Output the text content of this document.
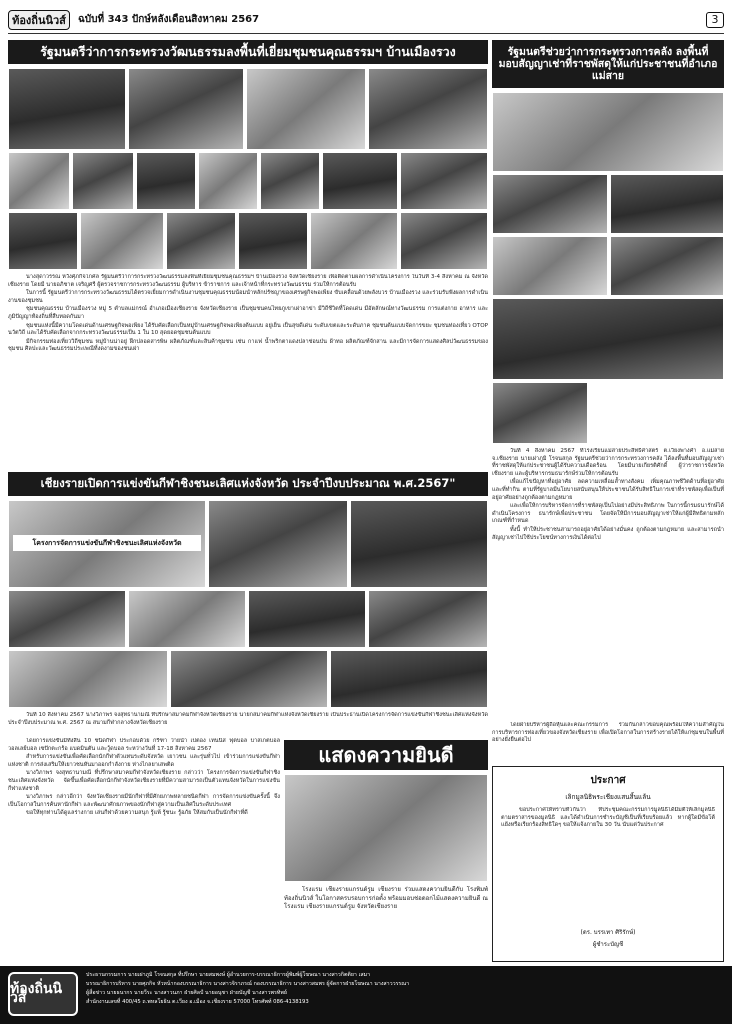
ท้องถิ่นนิวส์	ฉบับที่ 343 ปักษ์หลังเดือนสิงหาคม 2567	3
รัฐมนตรีว่าการกระทรวงวัฒนธรรมลงพื้นที่เยี่ยมชุมชนคุณธรรมฯ บ้านเมืองรวง

นางสุดาวรรณ หวังศุภกิจโกศล รัฐมนตรีว่าการกระทรวงวัฒนธรรมลงพื้นที่เยี่ยมชุมชนคุณธรรมฯ บ้านเมืองรวง จังหวัดเชียงราย เพื่อติดตามผลการดำเนินโครงการ ในวันที่ 3-4 สิงหาคม ณ จังหวัดเชียงราย โดยมี นายอภิชาต เจริญศรี ผู้ตรวจราชการกระทรวงวัฒนธรรม ผู้บริหาร ข้าราชการ และเจ้าหน้าที่กระทรวงวัฒนธรรม ร่วมให้การต้อนรับ

ในการนี้ รัฐมนตรีว่าการกระทรวงวัฒนธรรมได้ตรวจเยี่ยมการดำเนินงานชุมชนคุณธรรมน้อมนำหลักปรัชญาของเศรษฐกิจพอเพียง ขับเคลื่อนด้วยพลังบวร บ้านเมืองรวง และร่วมรับฟังผลการดำเนินงานของชุมชน

ชุมชนคุณธรรม บ้านเมืองรวง หมู่ 5 ตำบลแม่กรณ์ อำเภอเมืองเชียงราย จังหวัดเชียงราย เป็นชุมชนคนไทยภูเขาเผ่าอาข่า มีวิถีชีวิตที่โดดเด่น มีอัตลักษณ์ทางวัฒนธรรม การแต่งกาย อาหาร และภูมิปัญญาท้องถิ่นที่สืบทอดกันมา

ชุมชนแห่งนี้มีความโดดเด่นด้านเศรษฐกิจพอเพียง ได้รับคัดเลือกเป็นหมู่บ้านเศรษฐกิจพอเพียงต้นแบบ อยู่เย็น เป็นสุขดีเด่น ระดับเขตและระดับภาค ชุมชนต้นแบบจัดการขยะ ชุมชนท่องเที่ยว OTOP นวัตวิถี และได้รับคัดเลือกจากกระทรวงวัฒนธรรมเป็น 1 ใน 10 สุดยอดชุมชนต้นแบบ

มีกิจกรรมท่องเที่ยววิถีชุมชน หมู่บ้านน่าอยู่ ฝึกปลอดสารพิษ ผลิตภัณฑ์และสินค้าชุมชน เช่น กาแฟ น้ำพริกตาแดงปลาช่อนป่น ผ้าทอ ผลิตภัณฑ์จักสาน และมีการจัดการแสดงศิลปวัฒนธรรมของชุมชน ศิลปะและวัฒนธรรมประเพณีที่งดงามของชนเผ่า

รัฐมนตรีช่วยว่าการกระทรวงการคลัง ลงพื้นที่มอบสัญญาเช่าที่ราชพัสดุให้แก่ประชาชนที่อำเภอแม่สาย

วันที่ 4 สิงหาคม 2567 ที่โรงเรียนแม่สายประสิทธิ์ศาสตร์ ต.เวียงพางคำ อ.แม่สาย จ.เชียงราย นายเผ่าภูมิ โรจนสกุล รัฐมนตรีช่วยว่าการกระทรวงการคลัง ได้ลงพื้นที่มอบสัญญาเช่าที่ราชพัสดุให้แก่ประชาชนผู้ได้รับความเดือดร้อน โดยมีนายเกียรติศักดิ์ ผู้ว่าราชการจังหวัดเชียงราย และผู้บริหารกรมธนารักษ์ร่วมให้การต้อนรับ

เพื่อแก้ไขปัญหาที่อยู่อาศัย ลดความเหลื่อมล้ำทางสังคม เพิ่มคุณภาพชีวิตด้านที่อยู่อาศัยและที่ทำกิน ตามที่รัฐบาลมีนโยบายสนับสนุนให้ประชาชนได้รับสิทธิในการเช่าที่ราชพัสดุเพื่อเป็นที่อยู่อาศัยอย่างถูกต้องตามกฎหมาย

และเพื่อให้การบริหารจัดการที่ราชพัสดุเป็นไปอย่างมีประสิทธิภาพ ในการนี้กรมธนารักษ์ได้ดำเนินโครงการ ธนารักษ์เพื่อประชาชน โดยจัดให้มีการมอบสัญญาเช่าให้แก่ผู้มีสิทธิตามหลักเกณฑ์ที่กำหนด

ทั้งนี้ ทำให้ประชาชนสามารถอยู่อาศัยได้อย่างมั่นคง ถูกต้องตามกฎหมาย และสามารถนำสัญญาเช่าไปใช้ประโยชน์ทางการเงินได้ต่อไป

โดยฝ่ายบริหารผู้ถือหุ้นและคณะกรรมการ ร่วมกันกล่าวขอบคุณพร้อมให้ความสำคัญในการบริหารการท่องเที่ยวของจังหวัดเชียงราย เพื่อเปิดโอกาสในการสร้างรายได้ให้แก่ชุมชนในพื้นที่อย่างยั่งยืนต่อไป

เชียงรายเปิดการแข่งขันกีฬาชิงชนะเลิศแห่งจังหวัด ประจำปีงบประมาณ พ.ศ.2567"
โครงการจัดการแข่งขันกีฬาชิงชนะเลิศแห่งจังหวัด

วันที่ 10 สิงหาคม 2567 นางวิภาพร จงสุทธานามณี ที่ปรึกษาสมาคมกีฬาจังหวัดเชียงราย นายกสมาคมกีฬาแห่งจังหวัดเชียงราย เป็นประธานเปิดโครงการจัดการแข่งขันกีฬาชิงชนะเลิศแห่งจังหวัด ประจำปีงบประมาณ พ.ศ. 2567 ณ สนามกีฬากลางจังหวัดเชียงราย

โดยการแข่งขันมีทั้งสิ้น 10 ชนิดกีฬา ประกอบด้วย กรีฑา ว่ายน้ำ เปตอง เทนนิส ฟุตบอล บาสเกตบอล วอลเลย์บอล เซปักตะกร้อ แบดมินตัน และวู้ดบอล ระหว่างวันที่ 17-18 สิงหาคม 2567

สำหรับการแข่งขันเพื่อคัดเลือกนักกีฬาตัวแทนระดับจังหวัด เยาวชน และรุ่นทั่วไป เข้าร่วมการแข่งขันกีฬาแห่งชาติ การส่งเสริมให้เยาวชนหันมาออกกำลังกาย ห่างไกลยาเสพติด

นางวิภาพร จงสุทธานามณี ที่ปรึกษาสมาคมกีฬาจังหวัดเชียงราย กล่าวว่า โครงการจัดการแข่งขันกีฬาชิงชนะเลิศแห่งจังหวัด จัดขึ้นเพื่อคัดเลือกนักกีฬาจังหวัดเชียงรายที่มีความสามารถเป็นตัวแทนจังหวัดในการแข่งขันกีฬาแห่งชาติ

นางวิภาพร กล่าวอีกว่า จังหวัดเชียงรายมีนักกีฬาที่มีศักยภาพหลายชนิดกีฬา การจัดการแข่งขันครั้งนี้ จึงเป็นโอกาสในการค้นหานักกีฬา และพัฒนาศักยภาพของนักกีฬาสู่ความเป็นเลิศในระดับประเทศ

ขอให้ทุกท่านได้ดูแลร่างกาย เล่นกีฬาด้วยความสนุก รู้แพ้ รู้ชนะ รู้อภัย ให้สมกับเป็นนักกีฬาที่ดี

แสดงความยินดี

โรงแรม เชียงรายแกรนด์รูม เชียงราย ร่วมแสดงความยินดีกับ โรงพิมพ์ท้องถิ่นนิวส์ ในโอกาสครบรอบการก่อตั้ง พร้อมมอบช่อดอกไม้แสดงความยินดี ณ โรงแรม เชียงรายแกรนด์รูม จังหวัดเชียงราย

ประกาศ
เลิกมูลนิธิพระเชียงแสนสิ้นแล้น

ขอประกาศให้ทราบทั่วกันว่า ที่ประชุมคณะกรรมการมูลนิธิได้มีมติให้เลิกมูลนิธิ ตามตราสารของมูลนิธิ และได้ดำเนินการชำระบัญชีเป็นที่เรียบร้อยแล้ว หากผู้ใดมีข้อโต้แย้งหรือเรียกร้องสิทธิใดๆ ขอให้แจ้งภายใน 30 วัน นับแต่วันประกาศ

(ดร. บรรเทา ศิริรักษ์)
ผู้ชำระบัญชี
ท้องถิ่นนิวส์
ประธานกรรมการ นายเผ่าภูมิ โรจนสกุล ที่ปรึกษา นายสมพงษ์ ผู้อำนวยการ-บรรณาธิการผู้พิมพ์ผู้โฆษณา นางสาวกิตติยา เสมา
บรรณาธิการบริหาร นายศุภกิจ หัวหน้ากองบรรณาธิการ นางสาวจิราภรณ์ กองบรรณาธิการ นางสาวสมพร ผู้จัดการฝ่ายโฆษณา นางสาววรรณา
ผู้สื่อข่าว นายธนากร นายวีระ นางสาวนภา ฝ่ายศิลป์ นายอนุชา ฝ่ายบัญชี นางสาวพรทิพย์
สำนักงานเลขที่ 400/45 ถ.พหลโยธิน ต.เวียง อ.เมือง จ.เชียงราย 57000 โทรศัพท์ 086-4138193
